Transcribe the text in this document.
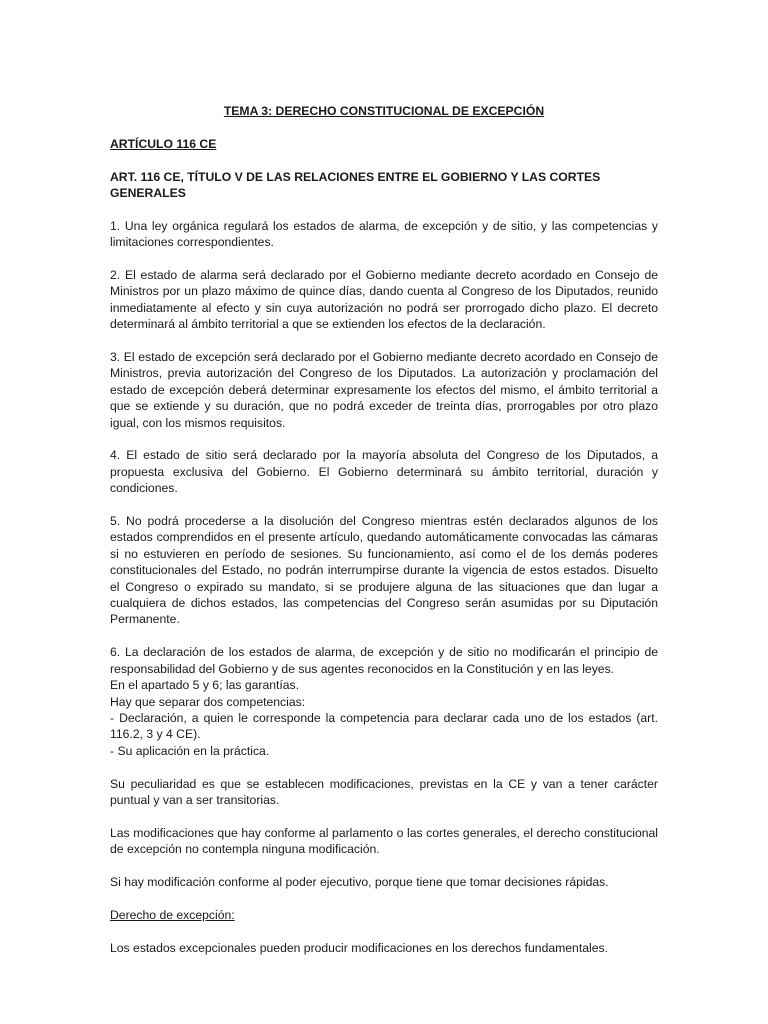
TEMA 3: DERECHO CONSTITUCIONAL DE EXCEPCIÓN

ARTÍCULO 116 CE

ART. 116 CE, TÍTULO V DE LAS RELACIONES ENTRE EL GOBIERNO Y LAS CORTES GENERALES

1. Una ley orgánica regulará los estados de alarma, de excepción y de sitio, y las competencias y limitaciones correspondientes.

2. El estado de alarma será declarado por el Gobierno mediante decreto acordado en Consejo de Ministros por un plazo máximo de quince días, dando cuenta al Congreso de los Diputados, reunido inmediatamente al efecto y sin cuya autorización no podrá ser prorrogado dicho plazo. El decreto determinará al ámbito territorial a que se extienden los efectos de la declaración.

3. El estado de excepción será declarado por el Gobierno mediante decreto acordado en Consejo de Ministros, previa autorización del Congreso de los Diputados. La autorización y proclamación del estado de excepción deberá determinar expresamente los efectos del mismo, el ámbito territorial a que se extiende y su duración, que no podrá exceder de treinta días, prorrogables por otro plazo igual, con los mismos requisitos.

4. El estado de sitio será declarado por la mayoría absoluta del Congreso de los Diputados, a propuesta exclusiva del Gobierno. El Gobierno determinará su ámbito territorial, duración y condiciones.

5. No podrá procederse a la disolución del Congreso mientras estén declarados algunos de los estados comprendidos en el presente artículo, quedando automáticamente convocadas las cámaras si no estuvieren en período de sesiones. Su funcionamiento, así como el de los demás poderes constitucionales del Estado, no podrán interrumpirse durante la vigencia de estos estados. Disuelto el Congreso o expirado su mandato, si se produjere alguna de las situaciones que dan lugar a cualquiera de dichos estados, las competencias del Congreso serán asumidas por su Diputación Permanente.

6. La declaración de los estados de alarma, de excepción y de sitio no modificarán el principio de responsabilidad del Gobierno y de sus agentes reconocidos en la Constitución y en las leyes.

En el apartado 5 y 6; las garantías.

Hay que separar dos competencias:

- Declaración, a quien le corresponde la competencia para declarar cada uno de los estados (art. 116.2, 3 y 4 CE).

- Su aplicación en la práctica.

Su peculiaridad es que se establecen modificaciones, previstas en la CE y van a tener carácter puntual y van a ser transitorias.

Las modificaciones que hay conforme al parlamento o las cortes generales, el derecho constitucional de excepción no contempla ninguna modificación.

Si hay modificación conforme al poder ejecutivo, porque tiene que tomar decisiones rápidas.

Derecho de excepción:

Los estados excepcionales pueden producir modificaciones en los derechos fundamentales.
